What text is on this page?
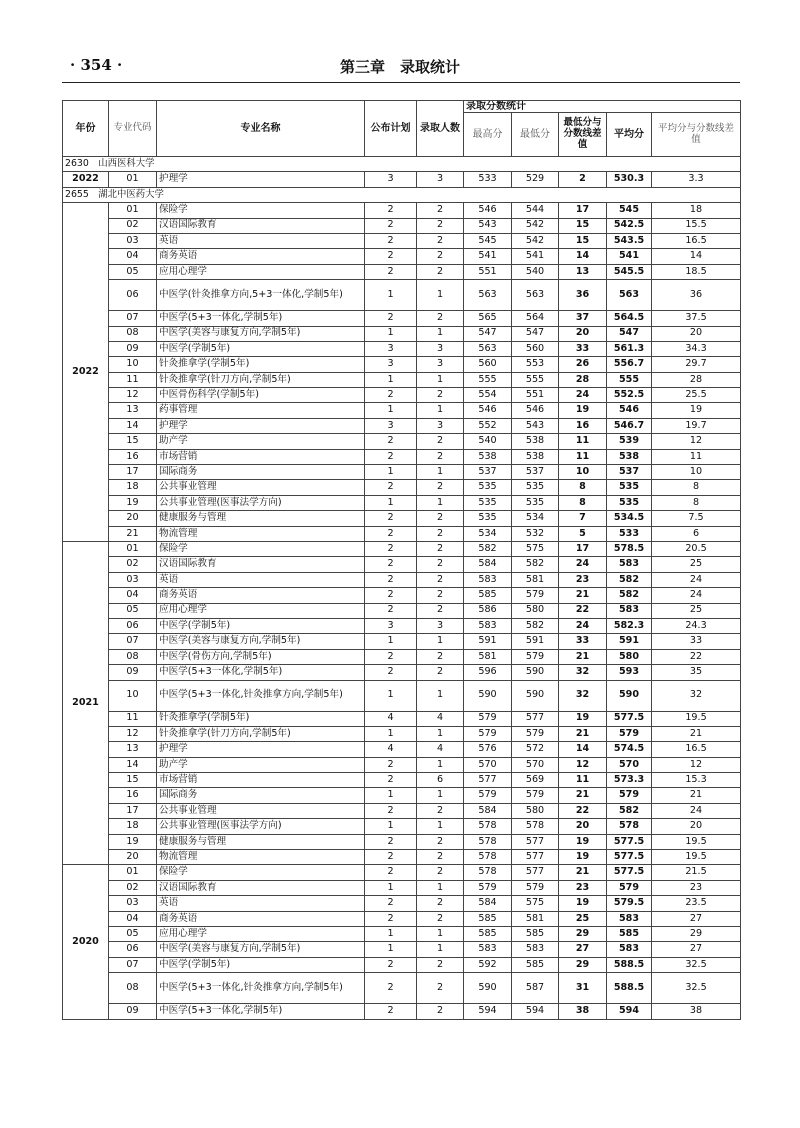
· 354 ·	第三章　录取统计
年份	专业代码	专业名称	公布计划	录取人数	录取分数统计				
					最高分	最低分	最低分与分数线差值	平均分	平均分与分数线差值
2630　山西医科大学									
2022	01	护理学	3	3	533	529	2	530.3	3.3
2655　湖北中医药大学									
2022	01	保险学	2	2	546	544	17	545	18
	02	汉语国际教育	2	2	543	542	15	542.5	15.5
	03	英语	2	2	545	542	15	543.5	16.5
	04	商务英语	2	2	541	541	14	541	14
	05	应用心理学	2	2	551	540	13	545.5	18.5
	06	中医学(针灸推拿方向,5+3一体化,学制5年)	1	1	563	563	36	563	36
	07	中医学(5+3一体化,学制5年)	2	2	565	564	37	564.5	37.5
	08	中医学(美容与康复方向,学制5年)	1	1	547	547	20	547	20
	09	中医学(学制5年)	3	3	563	560	33	561.3	34.3
	10	针灸推拿学(学制5年)	3	3	560	553	26	556.7	29.7
	11	针灸推拿学(针刀方向,学制5年)	1	1	555	555	28	555	28
	12	中医骨伤科学(学制5年)	2	2	554	551	24	552.5	25.5
	13	药事管理	1	1	546	546	19	546	19
	14	护理学	3	3	552	543	16	546.7	19.7
	15	助产学	2	2	540	538	11	539	12
	16	市场营销	2	2	538	538	11	538	11
	17	国际商务	1	1	537	537	10	537	10
	18	公共事业管理	2	2	535	535	8	535	8
	19	公共事业管理(医事法学方向)	1	1	535	535	8	535	8
	20	健康服务与管理	2	2	535	534	7	534.5	7.5
	21	物流管理	2	2	534	532	5	533	6
2021	01	保险学	2	2	582	575	17	578.5	20.5
	02	汉语国际教育	2	2	584	582	24	583	25
	03	英语	2	2	583	581	23	582	24
	04	商务英语	2	2	585	579	21	582	24
	05	应用心理学	2	2	586	580	22	583	25
	06	中医学(学制5年)	3	3	583	582	24	582.3	24.3
	07	中医学(美容与康复方向,学制5年)	1	1	591	591	33	591	33
	08	中医学(骨伤方向,学制5年)	2	2	581	579	21	580	22
	09	中医学(5+3一体化,学制5年)	2	2	596	590	32	593	35
	10	中医学(5+3一体化,针灸推拿方向,学制5年)	1	1	590	590	32	590	32
	11	针灸推拿学(学制5年)	4	4	579	577	19	577.5	19.5
	12	针灸推拿学(针刀方向,学制5年)	1	1	579	579	21	579	21
	13	护理学	4	4	576	572	14	574.5	16.5
	14	助产学	2	1	570	570	12	570	12
	15	市场营销	2	6	577	569	11	573.3	15.3
	16	国际商务	1	1	579	579	21	579	21
	17	公共事业管理	2	2	584	580	22	582	24
	18	公共事业管理(医事法学方向)	1	1	578	578	20	578	20
	19	健康服务与管理	2	2	578	577	19	577.5	19.5
	20	物流管理	2	2	578	577	19	577.5	19.5
2020	01	保险学	2	2	578	577	21	577.5	21.5
	02	汉语国际教育	1	1	579	579	23	579	23
	03	英语	2	2	584	575	19	579.5	23.5
	04	商务英语	2	2	585	581	25	583	27
	05	应用心理学	1	1	585	585	29	585	29
	06	中医学(美容与康复方向,学制5年)	1	1	583	583	27	583	27
	07	中医学(学制5年)	2	2	592	585	29	588.5	32.5
	08	中医学(5+3一体化,针灸推拿方向,学制5年)	2	2	590	587	31	588.5	32.5
	09	中医学(5+3一体化,学制5年)	2	2	594	594	38	594	38
